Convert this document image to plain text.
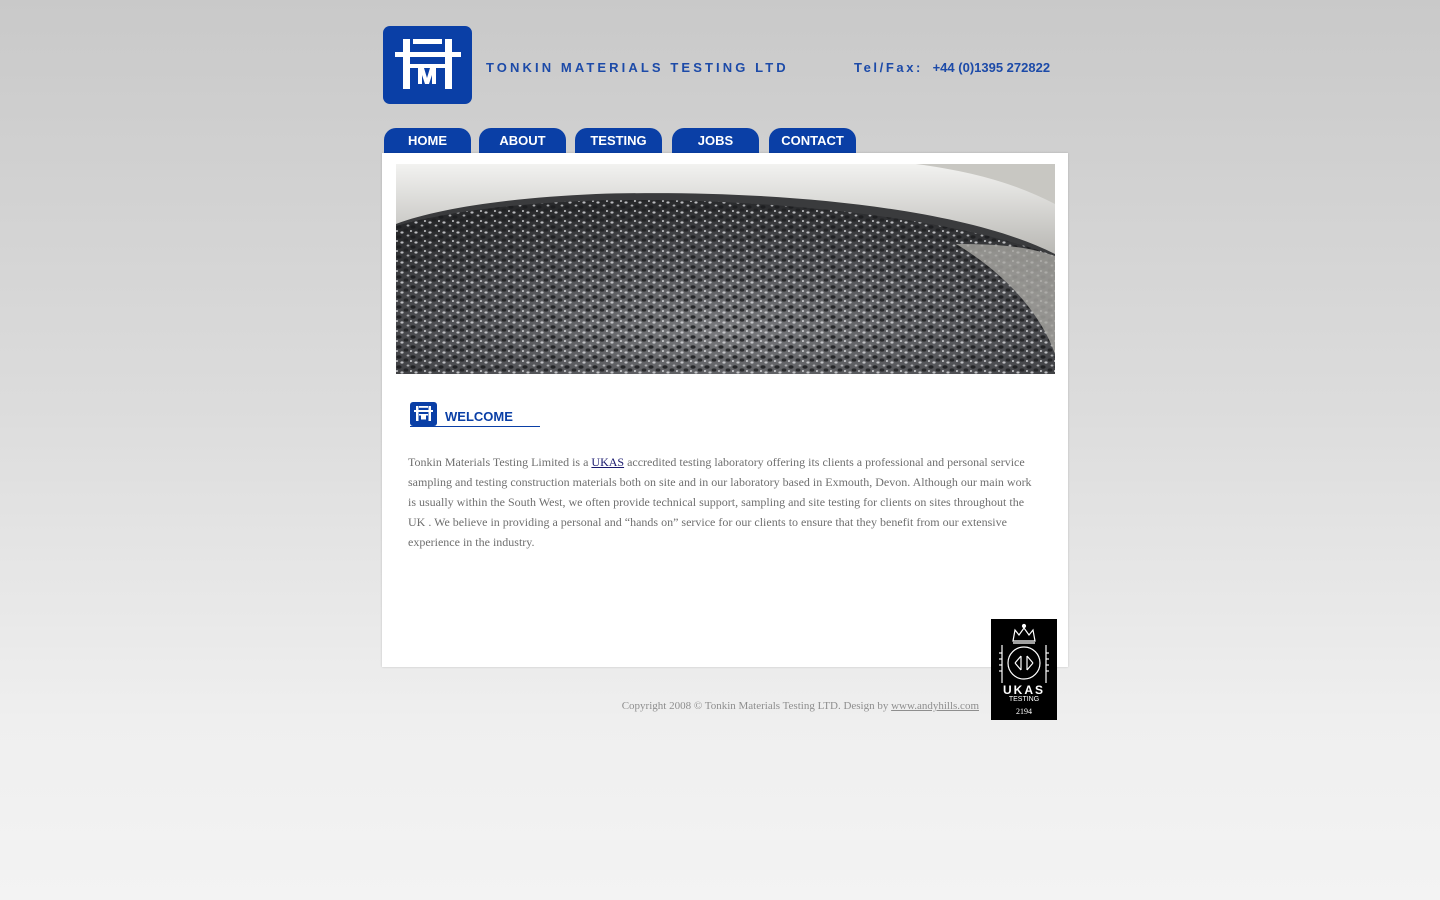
TONKIN MATERIALS TESTING LTD	Tel/Fax: +44 (0)1395 272822
HOME	ABOUT	TESTING	JOBS	CONTACT
WELCOME

Tonkin Materials Testing Limited is a UKAS accredited testing laboratory offering its clients a professional and personal service sampling and testing construction materials both on site and in our laboratory based in Exmouth, Devon. Although our main work is usually within the South West, we often provide technical support, sampling and site testing for clients on sites throughout the UK . We believe in providing a personal and “hands on” service for our clients to ensure that they benefit from our extensive experience in the industry.

UKAS
TESTING
2194
Copyright 2008 © Tonkin Materials Testing LTD. Design by www.andyhills.com
